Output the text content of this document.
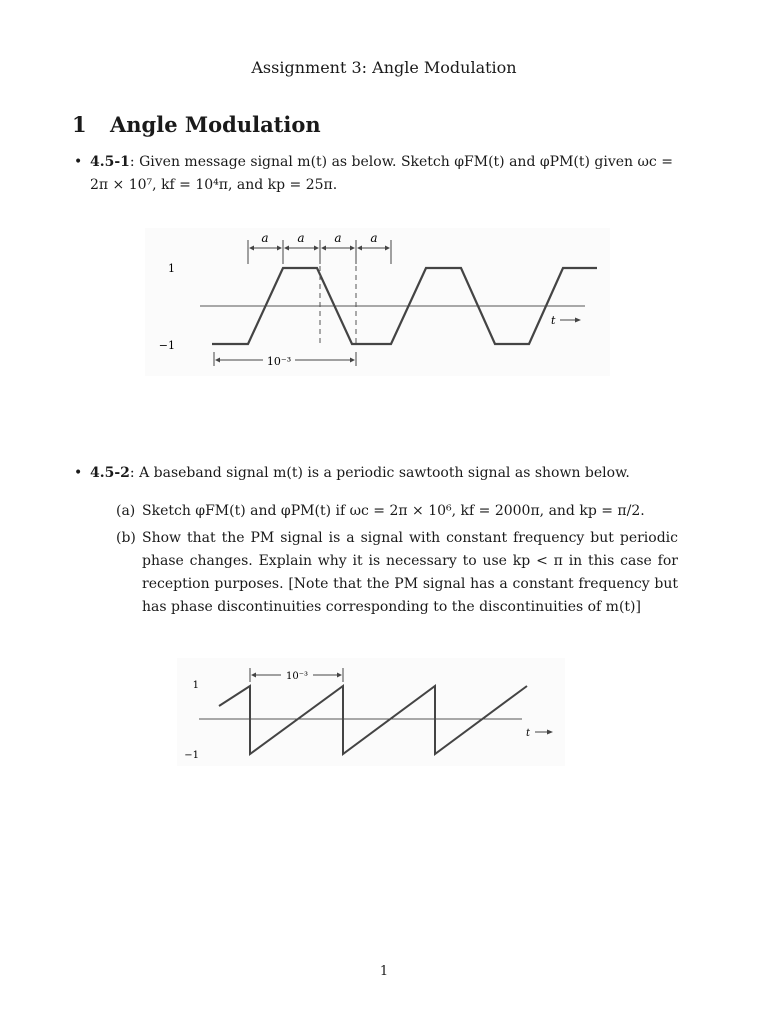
Assignment 3: Angle Modulation
1 Angle Modulation
• 4.5-1: Given message signal m(t) as below. Sketch φFM(t) and φPM(t) given ωc =
2π × 10⁷, kf = 10⁴π, and kp = 25π.
a a a a
1
−1
10⁻³
t
• 4.5-2: A baseband signal m(t) is a periodic sawtooth signal as shown below.
(a) Sketch φFM(t) and φPM(t) if ωc = 2π × 10⁶, kf = 2000π, and kp = π/2.
(b) Show that the PM signal is a signal with constant frequency but periodic phase changes. Explain why it is necessary to use kp < π in this case for reception purposes. [Note that the PM signal has a constant frequency but has phase discontinuities corresponding to the discontinuities of m(t)]
1
−1
10⁻³
t
1
